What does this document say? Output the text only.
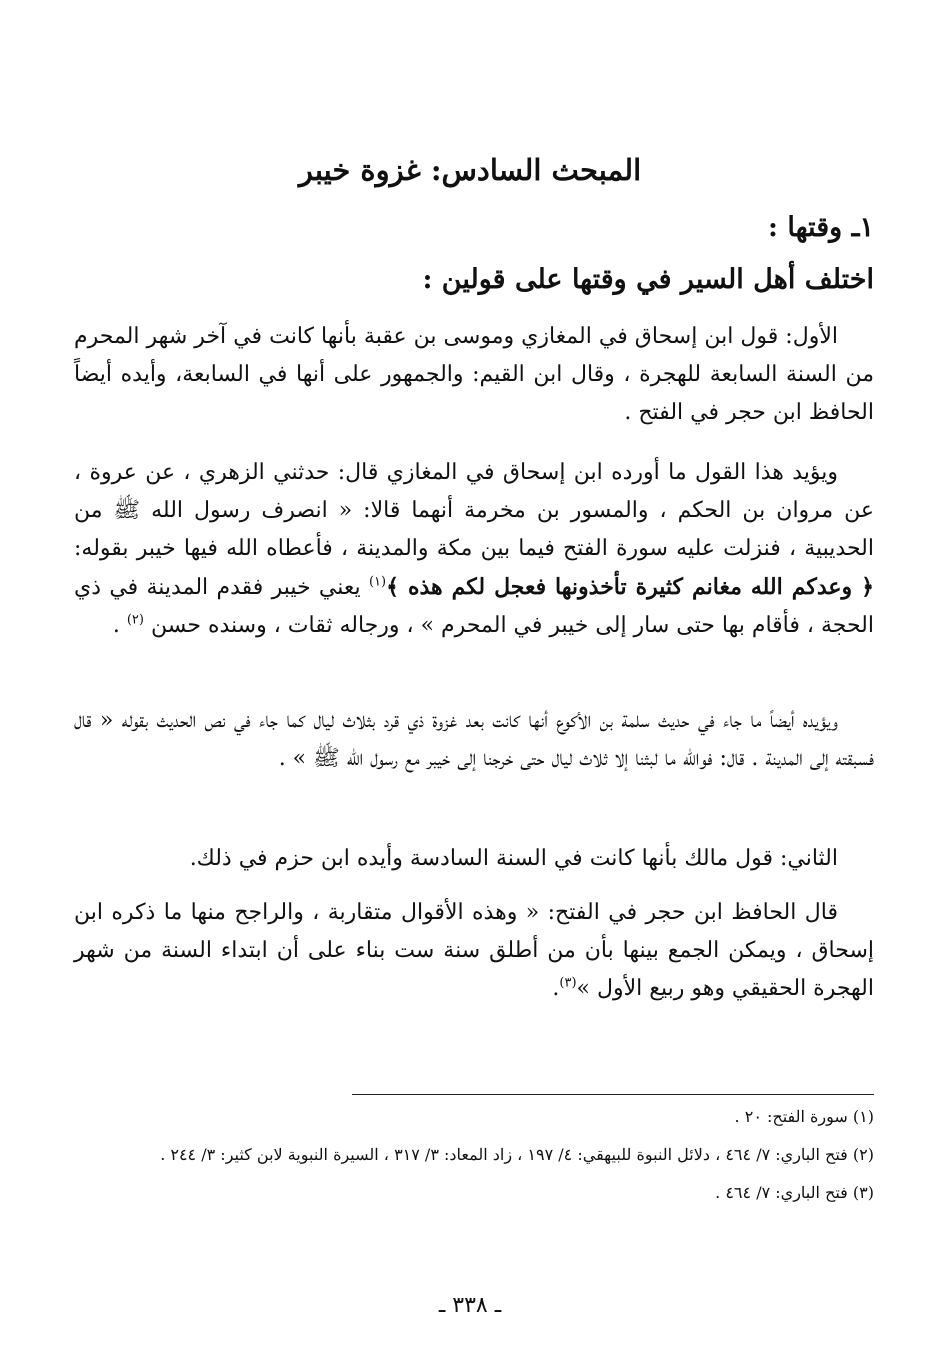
المبحث السادس: غزوة خيبر
١ـ وقتها :
اختلف أهل السير في وقتها على قولين :

الأول: قول ابن إسحاق في المغازي وموسى بن عقبة بأنها كانت في آخر شهر المحرم من السنة السابعة للهجرة ، وقال ابن القيم: والجمهور على أنها في السابعة، وأيده أيضاً الحافظ ابن حجر في الفتح .

ويؤيد هذا القول ما أورده ابن إسحاق في المغازي قال: حدثني الزهري ، عن عروة ، عن مروان بن الحكم ، والمسور بن مخرمة أنهما قالا: « انصرف رسول الله ﷺ من الحديبية ، فنزلت عليه سورة الفتح فيما بين مكة والمدينة ، فأعطاه الله فيها خيبر بقوله: ﴿ وعدكم الله مغانم كثيرة تأخذونها فعجل لكم هذه ﴾$^{(١)}$ يعني خيبر فقدم المدينة في ذي الحجة ، فأقام بها حتى سار إلى خيبر في المحرم » ، ورجاله ثقات ، وسنده حسن $^{(٢)}$ .

ويؤيده أيضاً ما جاء في حديث سلمة بن الأكوع أنها كانت بعد غزوة ذي قرد بثلاث ليال كما جاء في نص الحديث بقوله « قال فسبقته إلى المدينة . قال: فوالله ما لبثنا إلا ثلاث ليال حتى خرجنا إلى خيبر مع رسول الله ﷺ » .

الثاني: قول مالك بأنها كانت في السنة السادسة وأيده ابن حزم في ذلك.

قال الحافظ ابن حجر في الفتح: « وهذه الأقوال متقاربة ، والراجح منها ما ذكره ابن إسحاق ، ويمكن الجمع بينها بأن من أطلق سنة ست بناء على أن ابتداء السنة من شهر الهجرة الحقيقي وهو ربيع الأول »$^{(٣)}$.

(١) سورة الفتح: ٢٠ .

(٢) فتح الباري: ٧/ ٤٦٤ ، دلائل النبوة للبيهقي: ٤/ ١٩٧ ، زاد المعاد: ٣/ ٣١٧ ، السيرة النبوية لابن كثير: ٣/ ٢٤٤ .

(٣) فتح الباري: ٧/ ٤٦٤ .

ـ ٣٣٨ ـ
